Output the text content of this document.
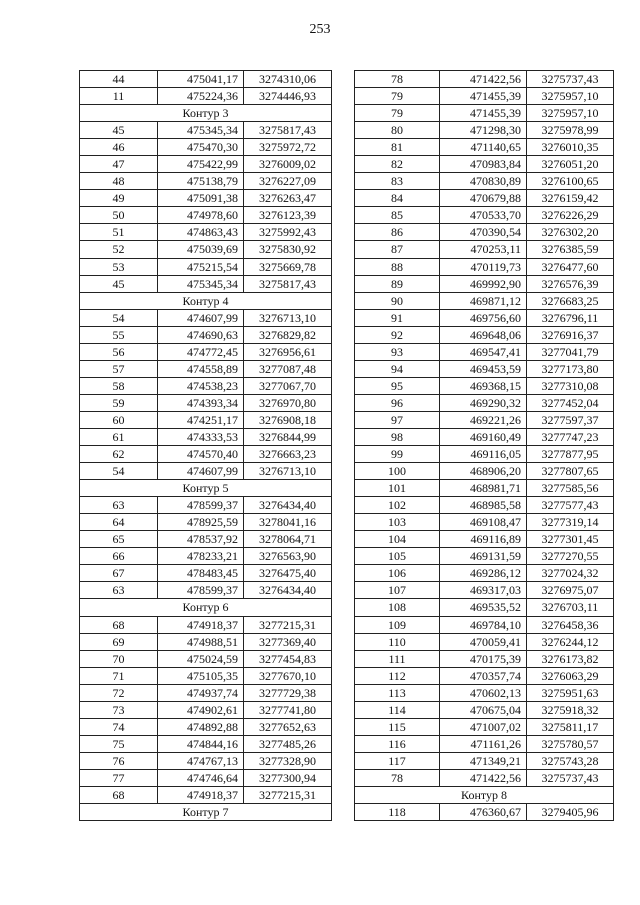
253
44	475041,17	3274310,06
11	475224,36	3274446,93
Контур 3		
45	475345,34	3275817,43
46	475470,30	3275972,72
47	475422,99	3276009,02
48	475138,79	3276227,09
49	475091,38	3276263,47
50	474978,60	3276123,39
51	474863,43	3275992,43
52	475039,69	3275830,92
53	475215,54	3275669,78
45	475345,34	3275817,43
Контур 4		
54	474607,99	3276713,10
55	474690,63	3276829,82
56	474772,45	3276956,61
57	474558,89	3277087,48
58	474538,23	3277067,70
59	474393,34	3276970,80
60	474251,17	3276908,18
61	474333,53	3276844,99
62	474570,40	3276663,23
54	474607,99	3276713,10
Контур 5		
63	478599,37	3276434,40
64	478925,59	3278041,16
65	478537,92	3278064,71
66	478233,21	3276563,90
67	478483,45	3276475,40
63	478599,37	3276434,40
Контур 6		
68	474918,37	3277215,31
69	474988,51	3277369,40
70	475024,59	3277454,83
71	475105,35	3277670,10
72	474937,74	3277729,38
73	474902,61	3277741,80
74	474892,88	3277652,63
75	474844,16	3277485,26
76	474767,13	3277328,90
77	474746,64	3277300,94
68	474918,37	3277215,31
Контур 7		
78	471422,56	3275737,43
79	471455,39	3275957,10
79	471455,39	3275957,10
80	471298,30	3275978,99
81	471140,65	3276010,35
82	470983,84	3276051,20
83	470830,89	3276100,65
84	470679,88	3276159,42
85	470533,70	3276226,29
86	470390,54	3276302,20
87	470253,11	3276385,59
88	470119,73	3276477,60
89	469992,90	3276576,39
90	469871,12	3276683,25
91	469756,60	3276796,11
92	469648,06	3276916,37
93	469547,41	3277041,79
94	469453,59	3277173,80
95	469368,15	3277310,08
96	469290,32	3277452,04
97	469221,26	3277597,37
98	469160,49	3277747,23
99	469116,05	3277877,95
100	468906,20	3277807,65
101	468981,71	3277585,56
102	468985,58	3277577,43
103	469108,47	3277319,14
104	469116,89	3277301,45
105	469131,59	3277270,55
106	469286,12	3277024,32
107	469317,03	3276975,07
108	469535,52	3276703,11
109	469784,10	3276458,36
110	470059,41	3276244,12
111	470175,39	3276173,82
112	470357,74	3276063,29
113	470602,13	3275951,63
114	470675,04	3275918,32
115	471007,02	3275811,17
116	471161,26	3275780,57
117	471349,21	3275743,28
78	471422,56	3275737,43
Контур 8		
118	476360,67	3279405,96
